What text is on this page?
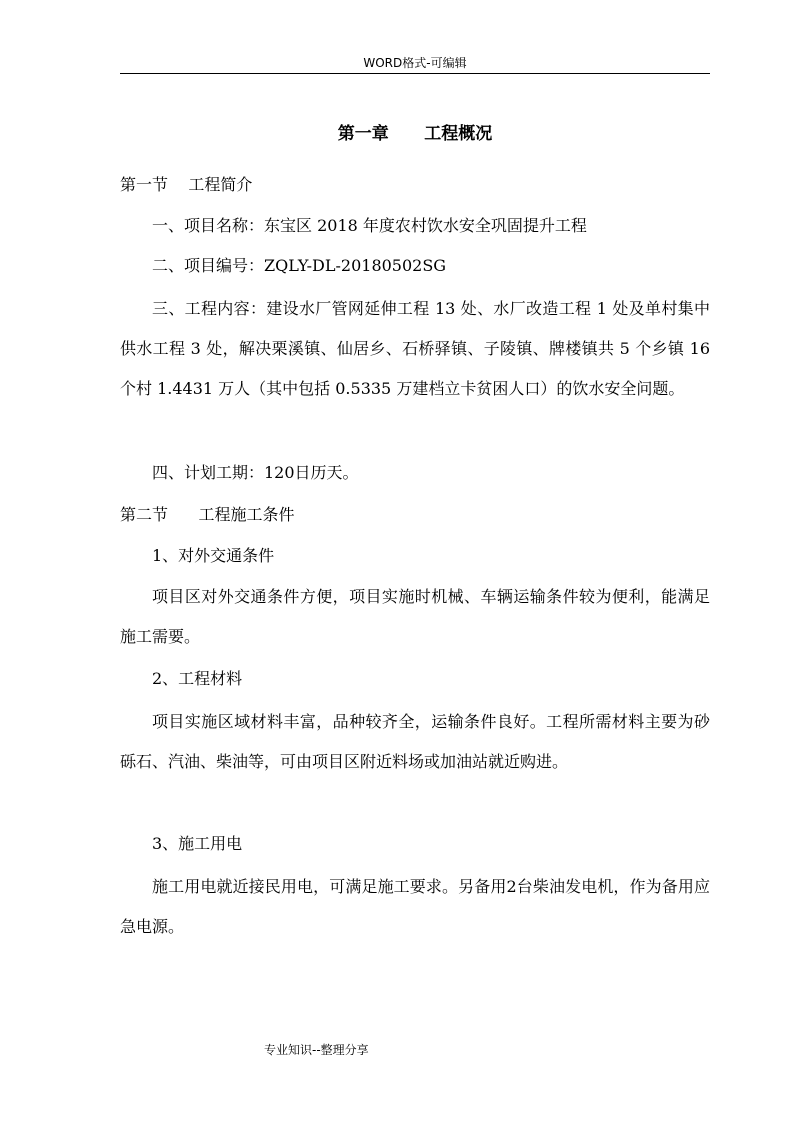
WORD格式-可编辑
第一章      工程概况
第一节    工程简介
一、项目名称：东宝区 2018 年度农村饮水安全巩固提升工程
二、项目编号：ZQLY-DL-20180502SG
三、工程内容：建设水厂管网延伸工程 13 处、水厂改造工程 1 处及单村集中供水工程 3 处，解决栗溪镇、仙居乡、石桥驿镇、子陵镇、牌楼镇共 5 个乡镇 16 个村 1.4431 万人（其中包括 0.5335 万建档立卡贫困人口）的饮水安全问题。
四、计划工期：120日历天。
第二节      工程施工条件
1、对外交通条件
项目区对外交通条件方便，项目实施时机械、车辆运输条件较为便利，能满足施工需要。
2、工程材料
项目实施区域材料丰富，品种较齐全，运输条件良好。工程所需材料主要为砂砾石、汽油、柴油等，可由项目区附近料场或加油站就近购进。
3、施工用电
施工用电就近接民用电，可满足施工要求。另备用2台柴油发电机，作为备用应急电源。
专业知识--整理分享
